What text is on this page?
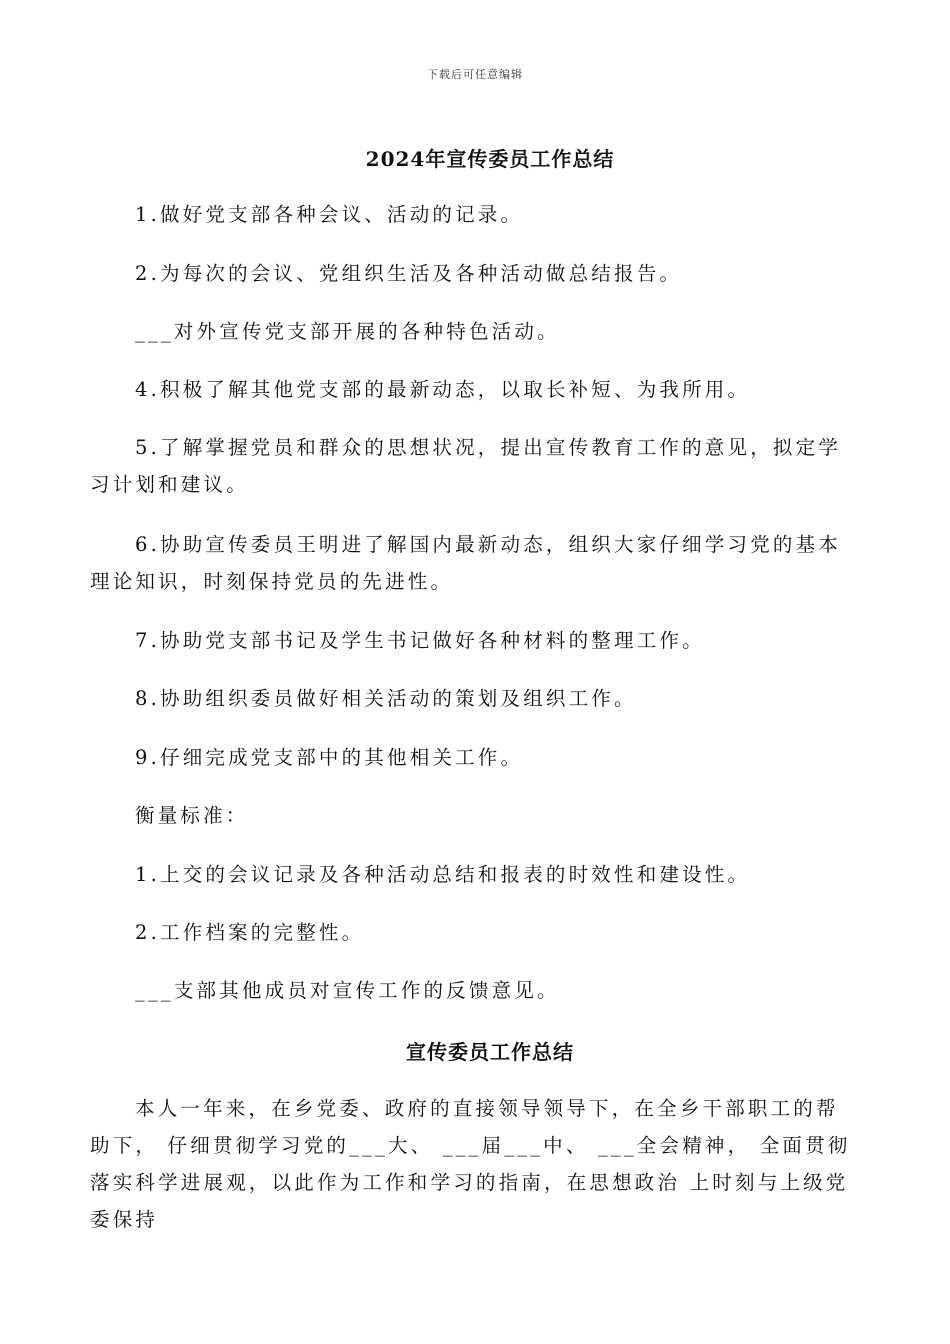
下载后可任意编辑
2024年宣传委员工作总结

1.做好党支部各种会议、活动的记录。

2.为每次的会议、党组织生活及各种活动做总结报告。

___对外宣传党支部开展的各种特色活动。

4.积极了解其他党支部的最新动态，以取长补短、为我所用。

5.了解掌握党员和群众的思想状况，提出宣传教育工作的意见，拟定学习计划和建议。

6.协助宣传委员王明进了解国内最新动态，组织大家仔细学习党的基本理论知识，时刻保持党员的先进性。

7.协助党支部书记及学生书记做好各种材料的整理工作。

8.协助组织委员做好相关活动的策划及组织工作。

9.仔细完成党支部中的其他相关工作。

衡量标准：

1.上交的会议记录及各种活动总结和报表的时效性和建设性。

2.工作档案的完整性。

___支部其他成员对宣传工作的反馈意见。

宣传委员工作总结

本人一年来，在乡党委、政府的直接领导领导下，在全乡干部职工的帮助下， 仔细贯彻学习党的___大、 ___届___中、 ___全会精神， 全面贯彻落实科学进展观，以此作为工作和学习的指南，在思想政治 上时刻与上级党委保持
